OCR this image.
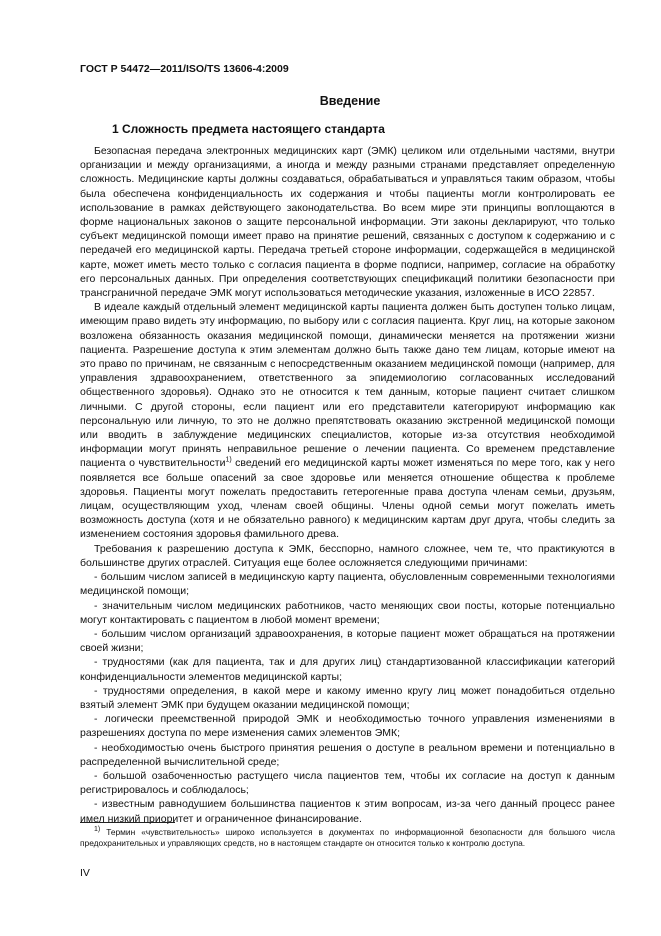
ГОСТ Р 54472—2011/ISO/TS 13606-4:2009
Введение
1 Сложность предмета настоящего стандарта

Безопасная передача электронных медицинских карт (ЭМК) целиком или отдельными частями, внутри организации и между организациями, а иногда и между разными странами представляет определенную сложность. Медицинские карты должны создаваться, обрабатываться и управляться таким образом, чтобы была обеспечена конфиденциальность их содержания и чтобы пациенты могли контролировать ее использование в рамках действующего законодательства. Во всем мире эти принципы воплощаются в форме национальных законов о защите персональной информации. Эти законы декларируют, что только субъект медицинской помощи имеет право на принятие решений, связанных с доступом к содержанию и с передачей его медицинской карты. Передача третьей стороне информации, содержащейся в медицинской карте, может иметь место только с согласия пациента в форме подписи, например, согласие на обработку его персональных данных. При определения соответствующих спецификаций политики безопасности при трансграничной передаче ЭМК могут использоваться методические указания, изложенные в ИСО 22857.

В идеале каждый отдельный элемент медицинской карты пациента должен быть доступен только лицам, имеющим право видеть эту информацию, по выбору или с согласия пациента. Круг лиц, на которые законом возложена обязанность оказания медицинской помощи, динамически меняется на протяжении жизни пациента. Разрешение доступа к этим элементам должно быть также дано тем лицам, которые имеют на это право по причинам, не связанным с непосредственным оказанием медицинской помощи (например, для управления здравоохранением, ответственного за эпидемиологию согласованных исследований общественного здоровья). Однако это не относится к тем данным, которые пациент считает слишком личными. С другой стороны, если пациент или его представители категорируют информацию как персональную или личную, то это не должно препятствовать оказанию экстренной медицинской помощи или вводить в заблуждение медицинских специалистов, которые из-за отсутствия необходимой информации могут принять неправильное решение о лечении пациента. Со временем представление пациента о чувствительности$^{1)}$ сведений его медицинской карты может изменяться по мере того, как у него появляется все больше опасений за свое здоровье или меняется отношение общества к проблеме здоровья. Пациенты могут пожелать предоставить гетерогенные права доступа членам семьи, друзьям, лицам, осуществляющим уход, членам своей общины. Члены одной семьи могут пожелать иметь возможность доступа (хотя и не обязательно равного) к медицинским картам друг друга, чтобы следить за изменением состояния здоровья фамильного древа.

Требования к разрешению доступа к ЭМК, бесспорно, намного сложнее, чем те, что практикуются в большинстве других отраслей. Ситуация еще более осложняется следующими причинами:

- большим числом записей в медицинскую карту пациента, обусловленным современными технологиями медицинской помощи;

- значительным числом медицинских работников, часто меняющих свои посты, которые потенциально могут контактировать с пациентом в любой момент времени;

- большим числом организаций здравоохранения, в которые пациент может обращаться на протяжении своей жизни;

- трудностями (как для пациента, так и для других лиц) стандартизованной классификации категорий конфиденциальности элементов медицинской карты;

- трудностями определения, в какой мере и какому именно кругу лиц может понадобиться отдельно взятый элемент ЭМК при будущем оказании медицинской помощи;

- логически преемственной природой ЭМК и необходимостью точного управления изменениями в разрешениях доступа по мере изменения самих элементов ЭМК;

- необходимостью очень быстрого принятия решения о доступе в реальном времени и потенциально в распределенной вычислительной среде;

- большой озабоченностью растущего числа пациентов тем, чтобы их согласие на доступ к данным регистрировалось и соблюдалось;

- известным равнодушием большинства пациентов к этим вопросам, из-за чего данный процесс ранее имел низкий приоритет и ограниченное финансирование.

$^{1)}$ Термин «чувствительность» широко используется в документах по информационной безопасности для большого числа предохранительных и управляющих средств, но в настоящем стандарте он относится только к контролю доступа.
IV
